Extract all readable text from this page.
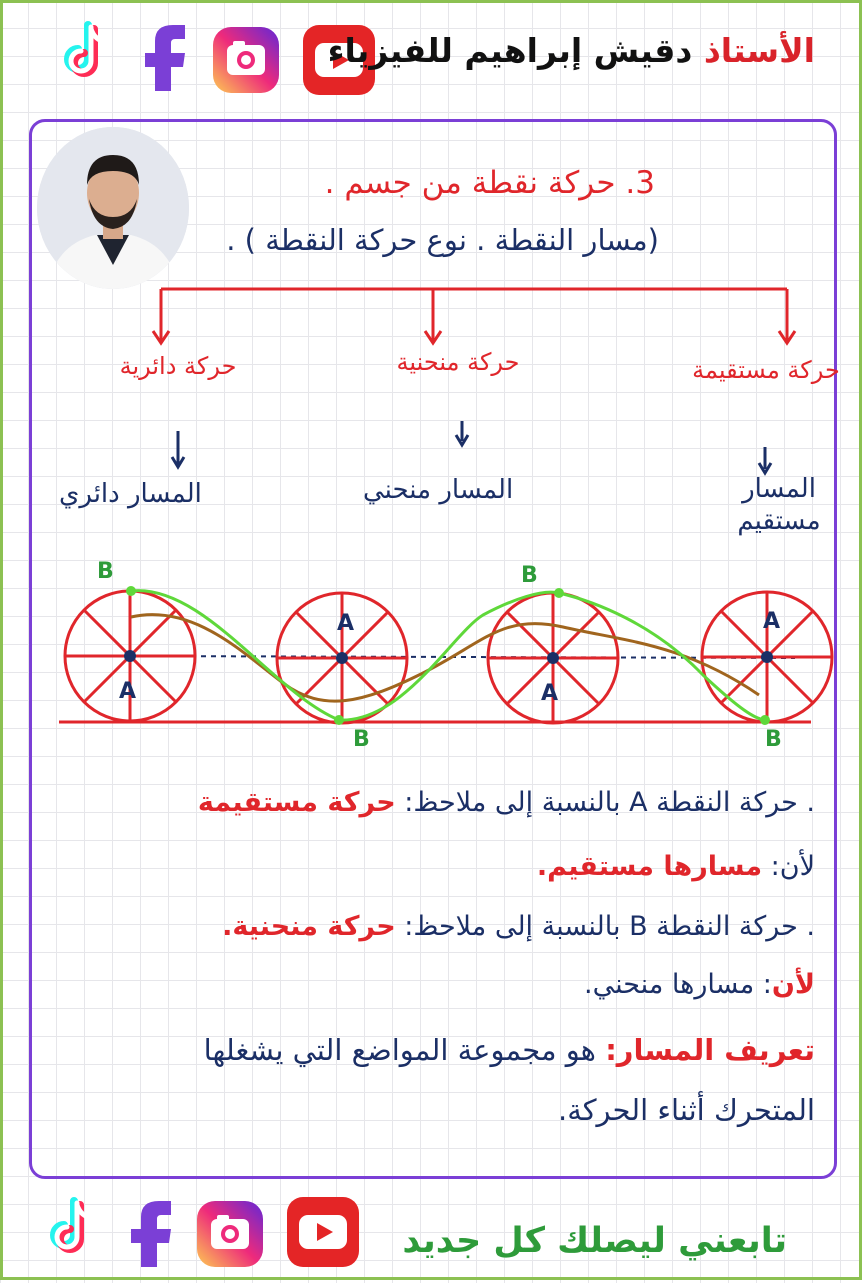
الأستاذ دقيش إبراهيم للفيزياء
3. حركة نقطة من جسم .
(مسار النقطة . نوع حركة النقطة ) .
حركة دائرية	حركة منحنية	حركة مستقيمة
المسار دائري	المسار منحني	المسار مستقيم
B
A
B
A
B
A
B
A
. حركة النقطة A بالنسبة إلى ملاحظ: حركة مستقيمة
لأن: مسارها مستقيم.
. حركة النقطة B بالنسبة إلى ملاحظ: حركة منحنية.
لأن: مسارها منحني.
تعريف المسار: هو مجموعة المواضع التي يشغلها
المتحرك أثناء الحركة.
تابعني ليصلك كل جديد
